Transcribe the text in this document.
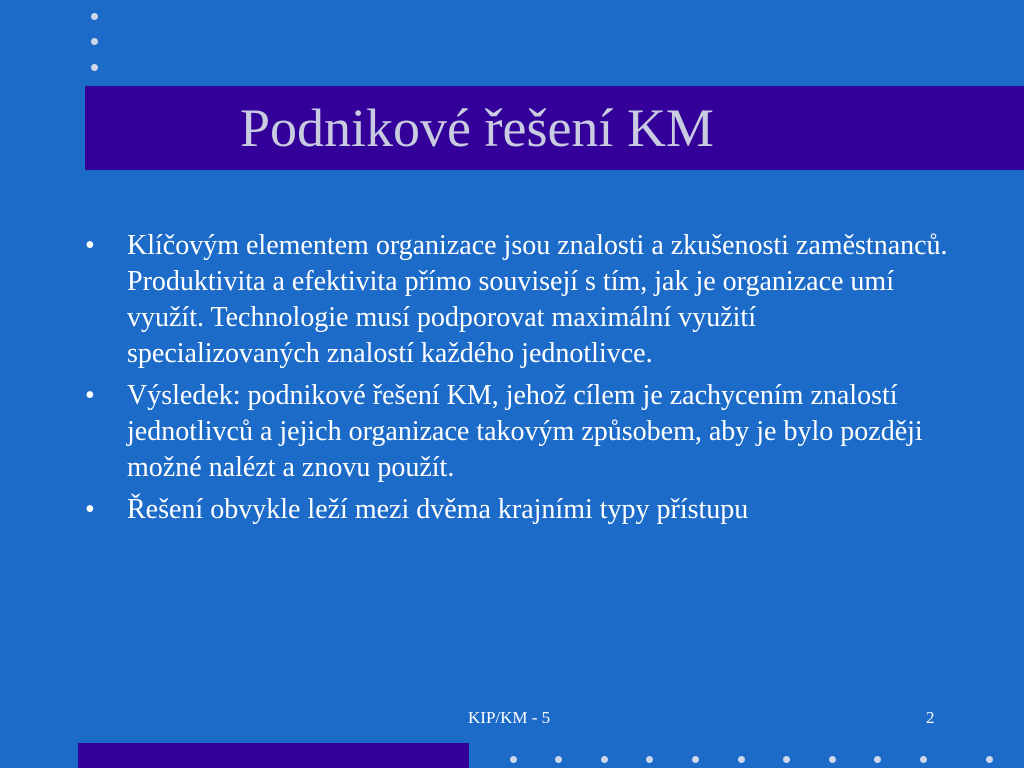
Podnikové řešení KM
• Klíčovým elementem organizace jsou znalosti a zkušenosti zaměstnanců. Produktivita a efektivita přímo souvisejí s tím, jak je organizace umí využít. Technologie musí podporovat maximální využití specializovaných znalostí každého jednotlivce.
• Výsledek: podnikové řešení KM, jehož cílem je zachycením znalostí jednotlivců a jejich organizace takovým způsobem, aby je bylo později možné nalézt a znovu použít.
• Řešení obvykle leží mezi dvěma krajními typy přístupu
KIP/KM - 5	2
